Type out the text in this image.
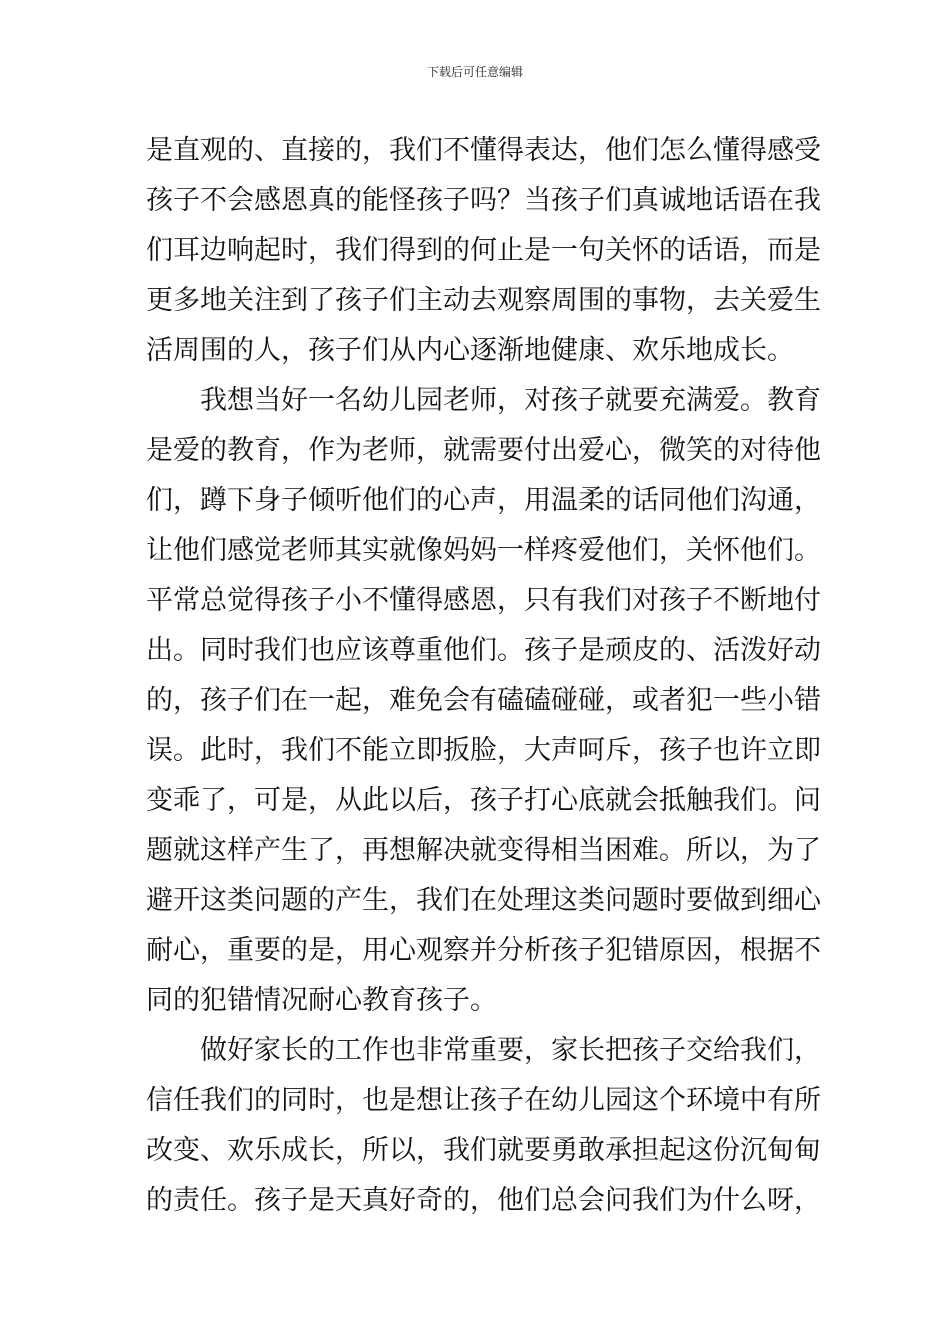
下载后可任意编辑
是直观的、直接的，我们不懂得表达，他们怎么懂得感受
孩子不会感恩真的能怪孩子吗？当孩子们真诚地话语在我
们耳边响起时，我们得到的何止是一句关怀的话语，而是
更多地关注到了孩子们主动去观察周围的事物，去关爱生
活周围的人，孩子们从内心逐渐地健康、欢乐地成长。
我想当好一名幼儿园老师，对孩子就要充满爱。教育
是爱的教育，作为老师，就需要付出爱心，微笑的对待他
们，蹲下身子倾听他们的心声，用温柔的话同他们沟通，
让他们感觉老师其实就像妈妈一样疼爱他们，关怀他们。
平常总觉得孩子小不懂得感恩，只有我们对孩子不断地付
出。同时我们也应该尊重他们。孩子是顽皮的、活泼好动
的，孩子们在一起，难免会有磕磕碰碰，或者犯一些小错
误。此时，我们不能立即扳脸，大声呵斥，孩子也许立即
变乖了，可是，从此以后，孩子打心底就会抵触我们。问
题就这样产生了，再想解决就变得相当困难。所以，为了
避开这类问题的产生，我们在处理这类问题时要做到细心
耐心，重要的是，用心观察并分析孩子犯错原因，根据不
同的犯错情况耐心教育孩子。
做好家长的工作也非常重要，家长把孩子交给我们，
信任我们的同时，也是想让孩子在幼儿园这个环境中有所
改变、欢乐成长，所以，我们就要勇敢承担起这份沉甸甸
的责任。孩子是天真好奇的，他们总会问我们为什么呀，
